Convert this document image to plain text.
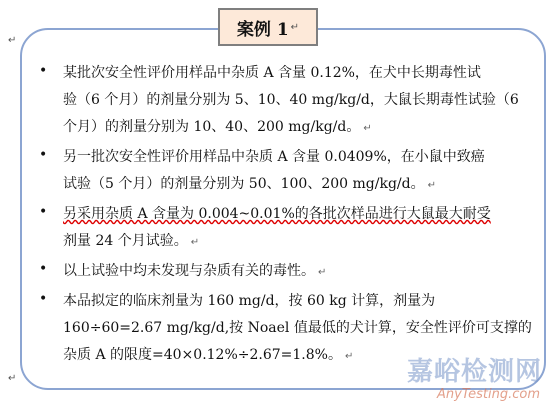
↵
↵
案例 1 ↵
• 某批次安全性评价用样品中杂质 A 含量 0.12%，在犬中长期毒性试
验（6 个月）的剂量分别为 5、10、40 mg/kg/d，大鼠长期毒性试验（6
个月）的剂量分别为 10、40、200 mg/kg/d。 ↵
• 另一批次安全性评价用样品中杂质 A 含量 0.0409%，在小鼠中致癌
试验（5 个月）的剂量分别为 50、100、200 mg/kg/d。 ↵
• 另采用杂质 A 含量为 0.004~0.01%的各批次样品进行大鼠最大耐受
剂量 24 个月试验。 ↵
• 以上试验中均未发现与杂质有关的毒性。 ↵
• 本品拟定的临床剂量为 160 mg/d，按 60 kg 计算，剂量为
160÷60=2.67 mg/kg/d,按 Noael 值最低的犬计算，安全性评价可支撑的
杂质 A 的限度=40×0.12%÷2.67=1.8%。 ↵
嘉峪检测网
AnyTesting.com
